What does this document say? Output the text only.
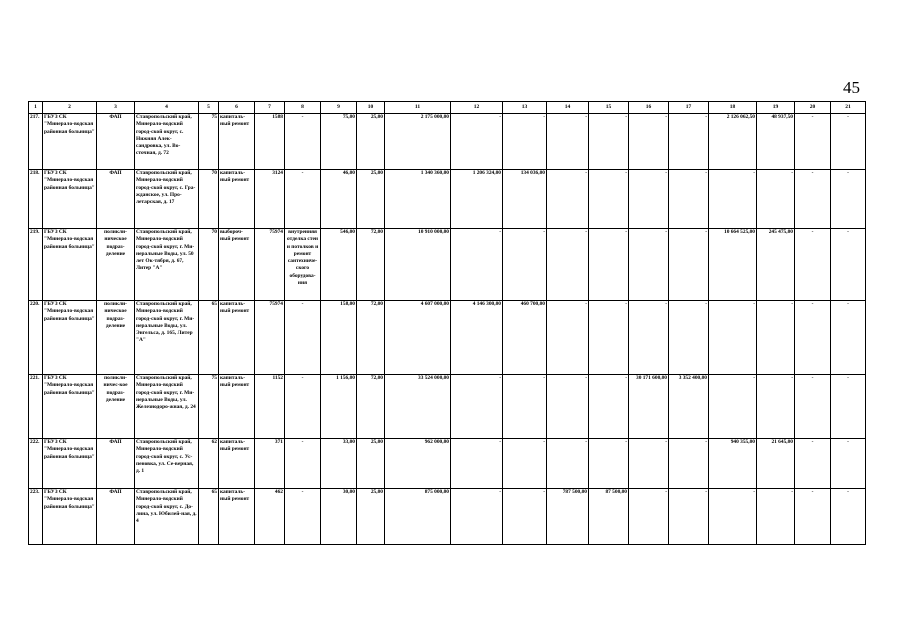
45
1	2	3	4	5	6	7	8	9	10	11	12	13	14	15	16	17	18	19	20	21
217.	ГБУЗ СК "Минерало-водская районная больница"	ФАП	Ставропольский край, Минерало-водский город-ской округ, с. Нижняя Алек-сандровка, ул. Во-сточная, д. 72	75	капиталь-ный ремонт	1588	-	75,00	25,00	2 175 000,00	-	-	-	-	-	-	2 126 062,50	48 937,50	-	-
218.	ГБУЗ СК "Минерало-водская районная больница"	ФАП	Ставропольский край, Минерало-водский город-ской округ, с. Гра-жданское, ул. Про-летарская, д. 17	70	капиталь-ный ремонт	3124	-	46,00	25,00	1 340 360,00	1 206 324,00	134 036,00	-	-	-	-	-	-	-	-
219.	ГБУЗ СК "Минерало-водская районная больница"	поликли-ническое подраз-деление	Ставропольский край, Минерало-водский город-ской округ, г. Ми-неральные Воды, ул. 50 лет Ок-тября, д. 67, Литер "А"	70	выбороч-ный ремонт	75974	внутренняя отделка стен и потолков и ремонт сантехниче-ского оборудова-ния	546,00	72,00	10 910 000,00	-	-	-	-	-	-	10 664 525,00	245 475,00	-	-
220.	ГБУЗ СК "Минерало-водская районная больница"	поликли-ническое подраз-деление	Ставропольский край, Минерало-водский город-ской округ, г. Ми-неральные Воды, ул. Энгельса, д. 165, Литер "А"	65	капиталь-ный ремонт	75974	-	158,00	72,00	4 607 000,00	4 146 300,00	460 700,00	-	-	-	-	-	-	-	-
221.	ГБУЗ СК "Минерало-водская районная больница"	поликли-ничес-кое подраз-деление	Ставропольский край, Минерало-водский город-ской округ, г. Ми-неральные Воды, ул. Железнодоро-жная, д. 24	75	капиталь-ный ремонт	1152	-	1 156,00	72,00	33 524 000,00	-	-	-	-	30 171 600,00	3 352 400,00	-	-	-	-
222.	ГБУЗ СК "Минерало-водская районная больница"	ФАП	Ставропольский край, Минерало-водский город-ской округ, с. Ус-пеновка, ул. Се-верная, д. 1	62	капиталь-ный ремонт	371	-	33,00	25,00	962 000,00	-	-	-	-	-	-	940 355,00	21 645,00	-	-
223.	ГБУЗ СК "Минерало-водская районная больница"	ФАП	Ставропольский край, Минерало-водский город-ской округ, с. До-лина, ул. Юбилей-ная, д. 4	65	капиталь-ный ремонт	462	-	30,00	25,00	875 000,00	-	-	787 500,00	87 500,00	-	-	-	-	-	-
